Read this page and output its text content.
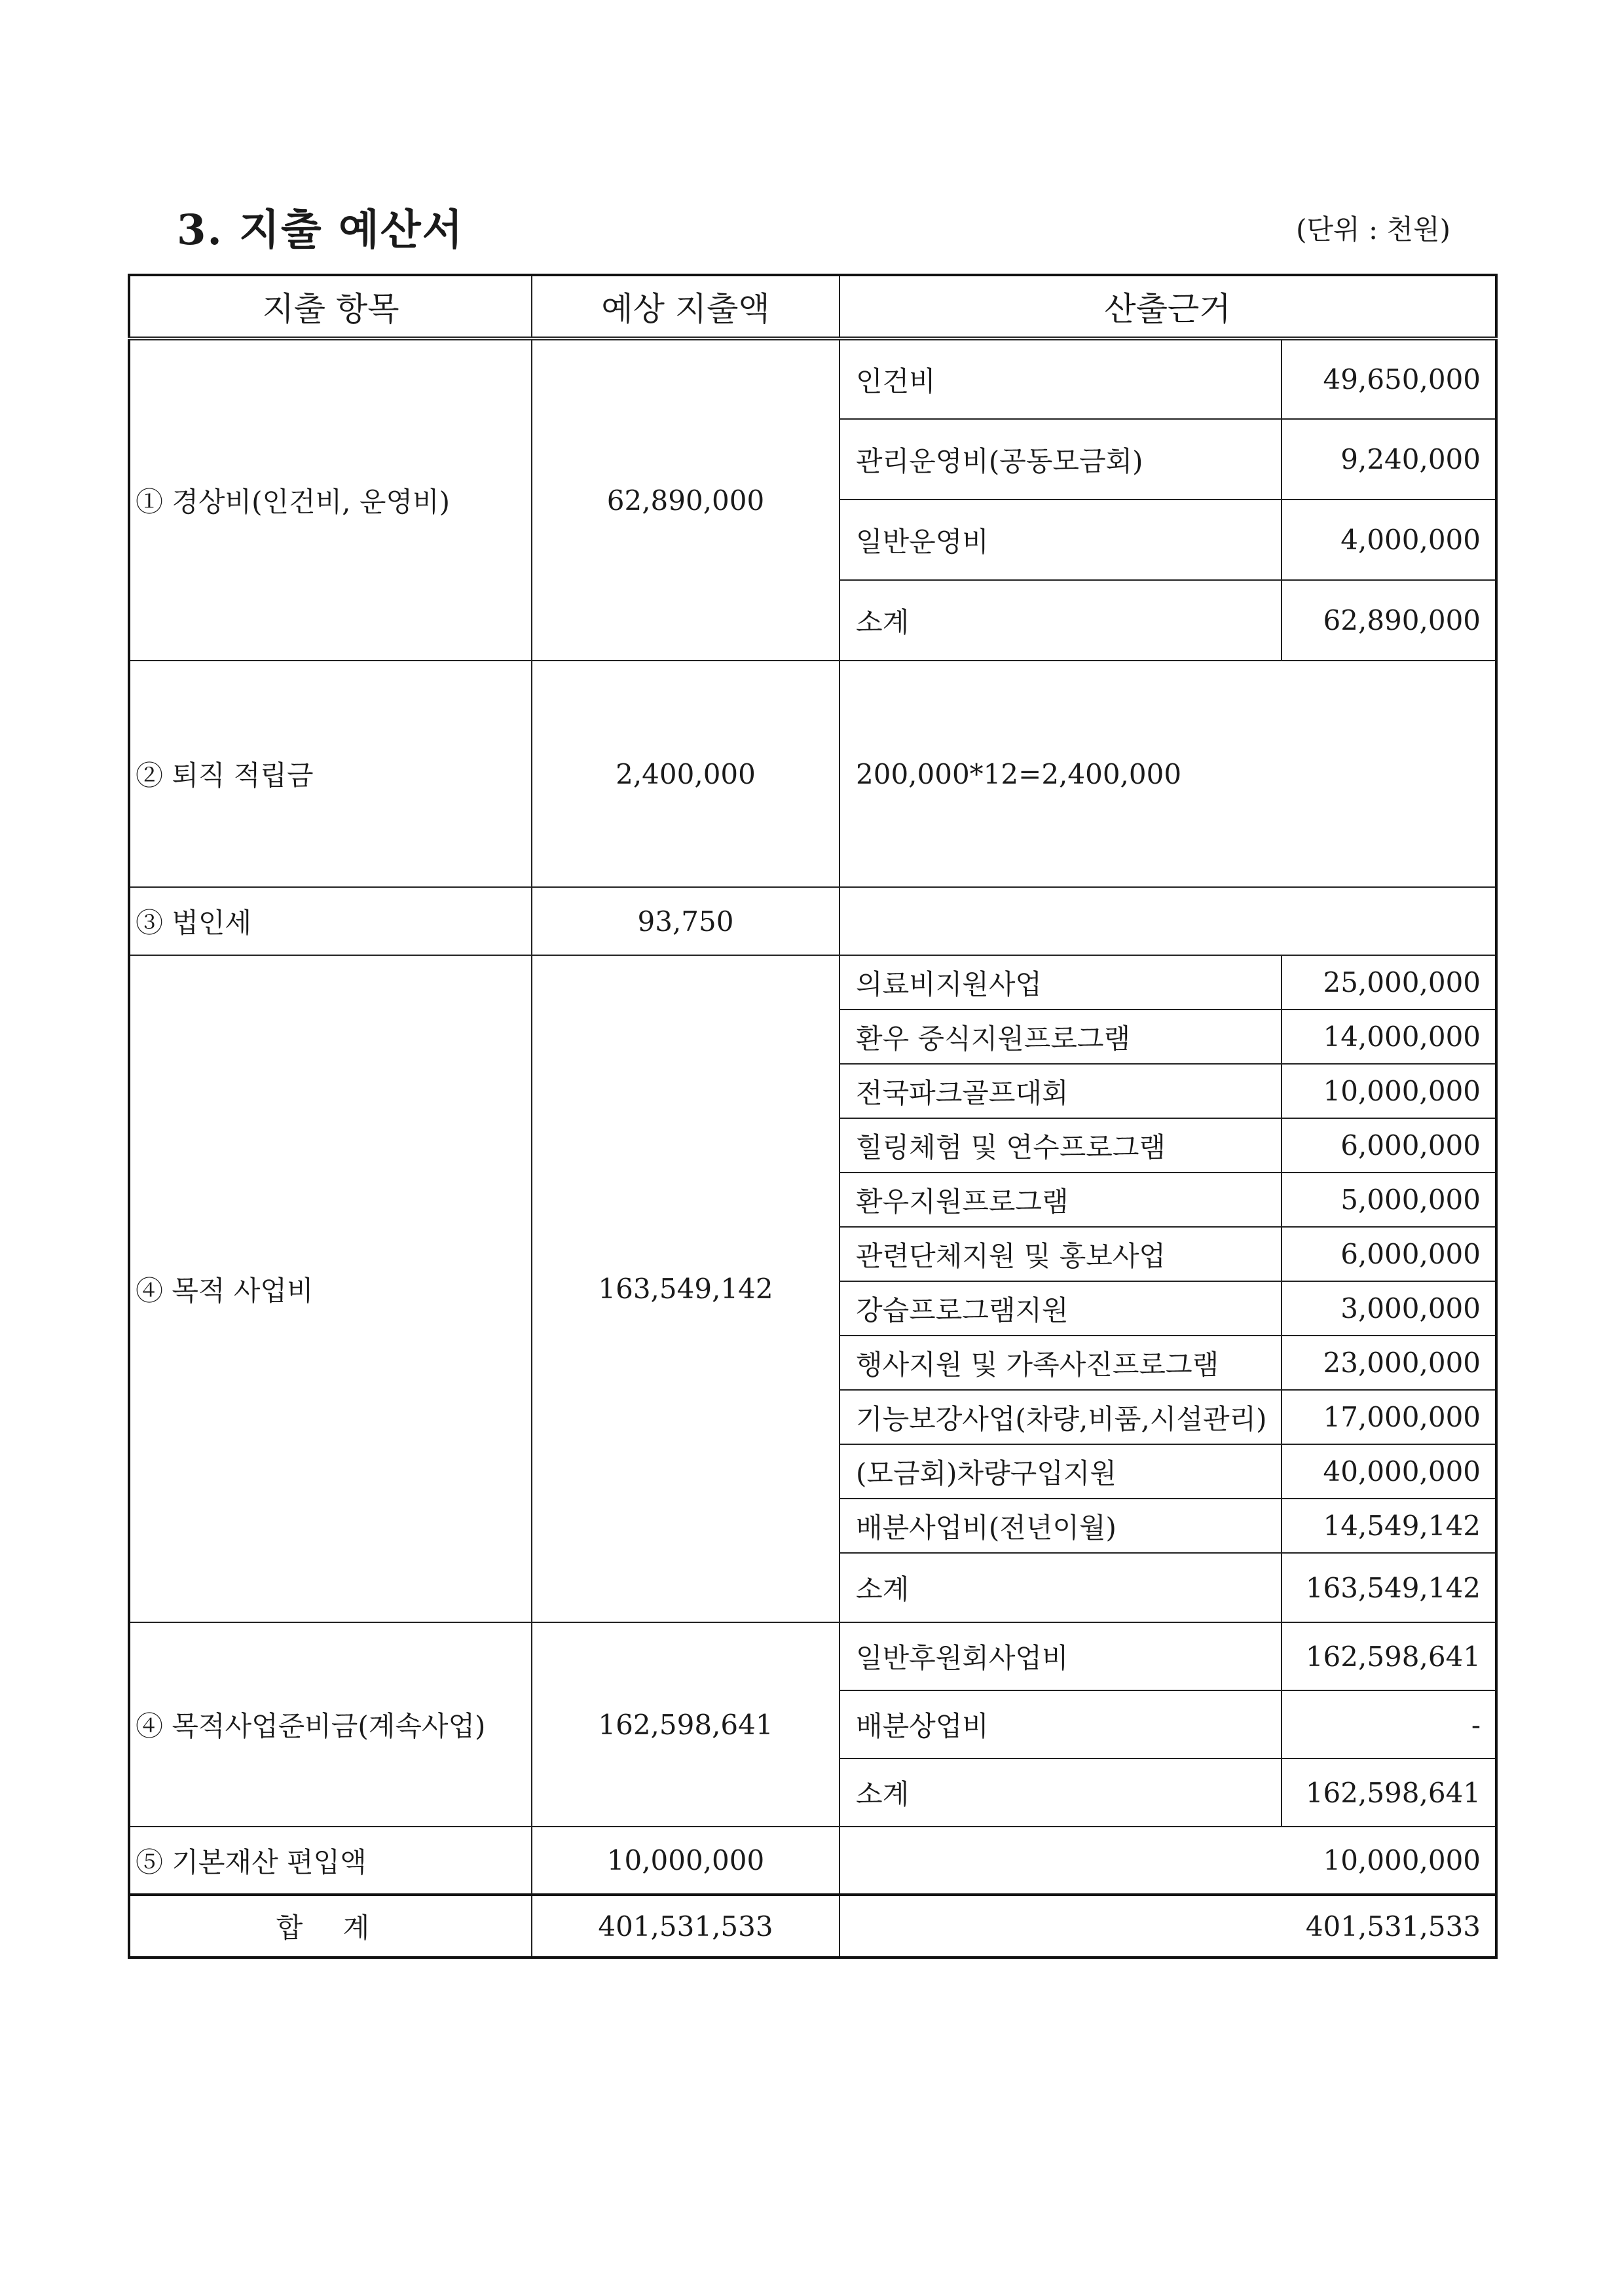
3. 지출 예산서	(단위 : 천원)
지출 항목	예상 지출액	산출근거	
① 경상비(인건비, 운영비)	62,890,000	인건비	49,650,000
		관리운영비(공동모금회)	9,240,000
		일반운영비	4,000,000
		소계	62,890,000
② 퇴직 적립금	2,400,000	200,000*12=2,400,000	
③ 법인세	93,750		
④ 목적 사업비	163,549,142	의료비지원사업	25,000,000
		환우 중식지원프로그램	14,000,000
		전국파크골프대회	10,000,000
		힐링체험 및 연수프로그램	6,000,000
		환우지원프로그램	5,000,000
		관련단체지원 및 홍보사업	6,000,000
		강습프로그램지원	3,000,000
		행사지원 및 가족사진프로그램	23,000,000
		기능보강사업(차량,비품,시설관리)	17,000,000
		(모금회)차량구입지원	40,000,000
		배분사업비(전년이월)	14,549,142
		소계	163,549,142
④ 목적사업준비금(계속사업)	162,598,641	일반후원회사업비	162,598,641
		배분상업비	-
		소계	162,598,641
⑤ 기본재산 편입액	10,000,000	10,000,000	
합 계	401,531,533	401,531,533	
